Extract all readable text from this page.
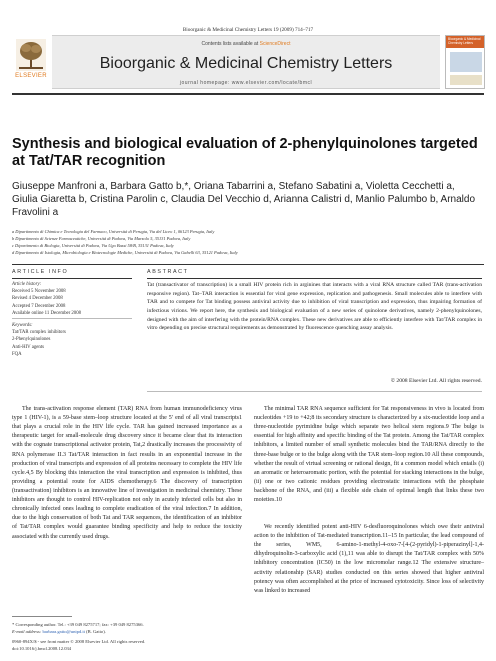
Bioorganic & Medicinal Chemistry Letters 19 (2009) 714–717
ELSEVIER
Contents lists available at ScienceDirect
Bioorganic & Medicinal Chemistry Letters
journal homepage: www.elsevier.com/locate/bmcl
Bioorganic & Medicinal Chemistry Letters
Synthesis and biological evaluation of 2-phenylquinolones targeted at Tat/TAR recognition
Giuseppe Manfroni a, Barbara Gatto b,*, Oriana Tabarrini a, Stefano Sabatini a, Violetta Cecchetti a, Giulia Giaretta b, Cristina Parolin c, Claudia Del Vecchio d, Arianna Calistri d, Manlio Palumbo b, Arnaldo Fravolini a
a Dipartimento di Chimica e Tecnologia del Farmaco, Università di Perugia, Via del Liceo 1, 06123 Perugia, Italy
b Dipartimento di Scienze Farmaceutiche, Università di Padova, Via Marzolo 5, 35131 Padova, Italy
c Dipartimento di Biologia, Università di Padova, Via Ugo Bassi 58/B, 35131 Padova, Italy
d Dipartimento di Istologia, Microbiologia e Biotecnologie Mediche, Università di Padova, Via Gabelli 63, 35121 Padova, Italy
ARTICLE INFO
Article history:
Received 5 November 2008
Revised 4 December 2008
Accepted 7 December 2008
Available online 11 December 2008
Keywords:
Tat/TAR complex inhibitors
2-Phenylquinolones
Anti-HIV agents
FQA
ABSTRACT
Tat (transactivator of transcription) is a small HIV protein rich in arginines that interacts with a viral RNA structure called TAR (trans-activation responsive region). Tat–TAR interaction is essential for viral gene expression, replication and pathogenesis. Small molecules able to interfere with TAR and to compete for Tat binding possess antiviral activity due to inhibition of viral transcription and expression, thus impairing formation of infectious virions. We report here, the synthesis and biological evaluation of a new series of quinolone derivatives, namely 2-phenylquinolones, designed with the aim of interfering with the protein/RNA complex. These new derivatives are able to efficiently interfere with Tat/TAR complex in vitro depending on precise structural requirements as demonstrated by fluorescence quenching assay analysis.
© 2008 Elsevier Ltd. All rights reserved.
The trans-activation response element (TAR) RNA from human immunodeficiency virus type 1 (HIV-1), is a 59-base stem–loop structure located at the 5′ end of all viral transcripts1 that plays a crucial role in the HIV life cycle. TAR has gained increased importance as a therapeutic target for small-molecule drug discovery since it became clear that its interaction with the cognate transcriptional activator protein, Tat,2 drastically increases the processivity of RNA polymerase II.3 Tat/TAR interaction in fact results in an exponential increase in the production of viral transcripts and expression of all proteins necessary to complete the HIV life cycle.4,5 By blocking this interaction the viral transcription and expression is inhibited, thus providing a potential route for AIDS chemotherapy.6 The discovery of transcription (transactivation) inhibitors is an innovative line of investigation in medicinal chemistry. These inhibitors are thought to control HIV-replication not only in acutely infected cells but also in chronically infected ones leading to complete eradication of the viral infection.7 In addition, due to the high conservation of both Tat and TAR sequences, the identification of an inhibitor of Tat/TAR complex would guarantee binding specificity and help to reduce the toxicity associated with the currently used drugs.
The minimal TAR RNA sequence sufficient for Tat responsiveness in vivo is located from nucleotides +19 to +42;8 its secondary structure is characterized by a six-nucleotide loop and a three-nucleotide pyrimidine bulge which separate two helical stem regions.9 The bulge is essential for high affinity and specific binding of the Tat protein. Among the Tat/TAR complex inhibitors, a limited number of small synthetic molecules bind the TAR/RNA directly to the three-base bulge or to the bulge along with the TAR stem–loop region.10 All these compounds, whether the result of virtual screening or rational design, fit a common model which entails (i) an aromatic or heteroaromatic portion, with the potential for stacking interactions in the bulge, (ii) one or two cationic residues providing electrostatic interactions with the phosphate backbone of the RNA, and (iii) a flexible side chain of optimal length that links these two moieties.10
We recently identified potent anti-HIV 6-desfluoroquinolones which owe their antiviral action to the inhibition of Tat-mediated transcription.11–15 In particular, the lead compound of the series, WM5, 6-amino-1-methyl-4-oxo-7-[4-(2-pyridyl)-1-piperazinyl]-1,4-dihydroquinolin-3-carboxylic acid (1),11 was able to disrupt the Tat/TAR complex with 50% inhibitory concentration (IC50) in the low micromolar range.12 The extensive structure–activity relationship (SAR) studies conducted on this series showed that higher antiviral potency was often accomplished at the price of increased cytotoxicity. Since loss of selectivity was linked to increased
* Corresponding author. Tel.: +39 049 8275717; fax: +39 049 8275366.
E-mail address: barbara.gatto@unipd.it (B. Gatto).
0960-894X/$ - see front matter © 2008 Elsevier Ltd. All rights reserved.
doi:10.1016/j.bmcl.2008.12.034
